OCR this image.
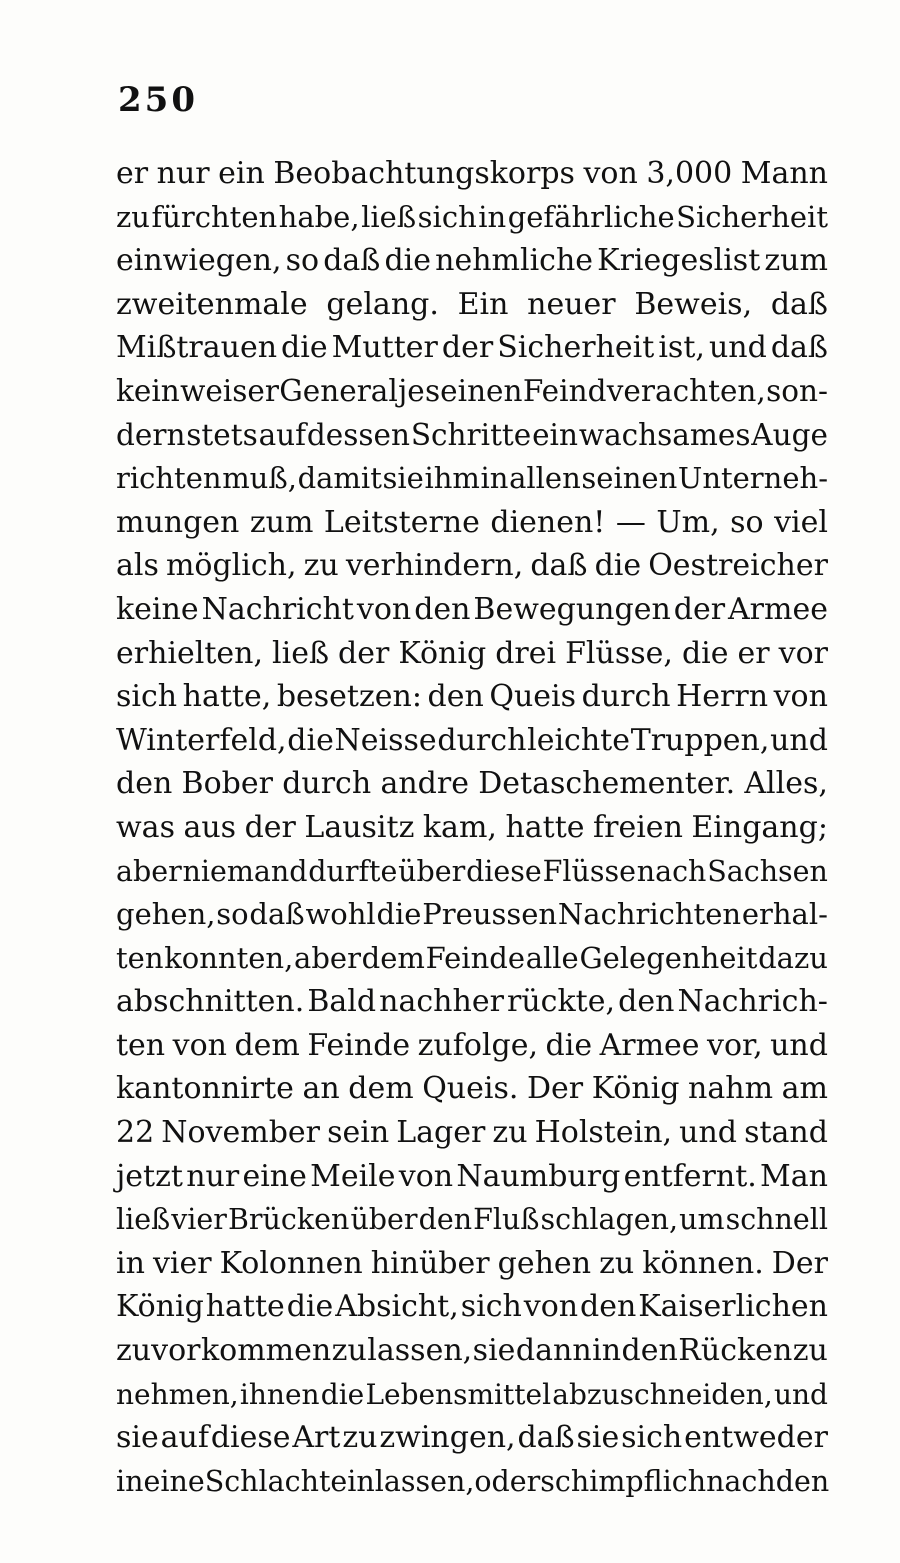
250
er nur ein Beobachtungskorps von 3,000 Mann
zu fürchten habe, ließ sich in gefährliche Sicherheit
einwiegen, so daß die nehmliche Kriegeslist zum
zweitenmale gelang. Ein neuer Beweis, daß
Mißtrauen die Mutter der Sicherheit ist, und daß
kein weiser General je seinen Feind verachten, son-
dern stets auf dessen Schritte ein wachsames Auge
richten muß, damit sie ihm in allen seinen Unterneh-
mungen zum Leitsterne dienen! — Um, so viel
als möglich, zu verhindern, daß die Oestreicher
keine Nachricht von den Bewegungen der Armee
erhielten, ließ der König drei Flüsse, die er vor
sich hatte, besetzen: den Queis durch Herrn von
Winterfeld, die Neisse durch leichte Truppen, und
den Bober durch andre Detaschementer. Alles,
was aus der Lausitz kam, hatte freien Eingang;
aber niemand durfte über diese Flüsse nach Sachsen
gehen, so daß wohl die Preussen Nachrichten erhal-
ten konnten, aber dem Feinde alle Gelegenheit dazu
abschnitten. Bald nachher rückte, den Nachrich-
ten von dem Feinde zufolge, die Armee vor, und
kantonnirte an dem Queis. Der König nahm am
22 November sein Lager zu Holstein, und stand
jetzt nur eine Meile von Naumburg entfernt. Man
ließ vier Brücken über den Fluß schlagen, um schnell
in vier Kolonnen hinüber gehen zu können. Der
König hatte die Absicht, sich von den Kaiserlichen
zuvor kommen zu lassen, sie dann in den Rücken zu
nehmen, ihnen die Lebensmittel abzuschneiden, und
sie auf diese Art zu zwingen, daß sie sich entweder
in eine Schlacht einlassen, oder schimpflich nach den
